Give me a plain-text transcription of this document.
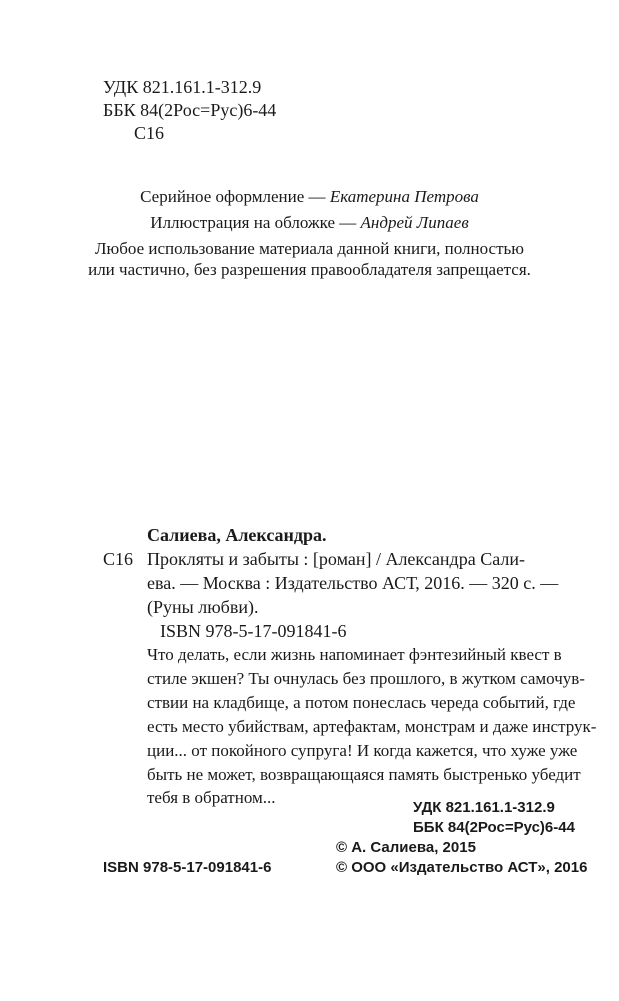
УДК 821.161.1-312.9
ББК 84(2Рос=Рус)6-44
С16
Серийное оформление — Екатерина Петрова
Иллюстрация на обложке — Андрей Липаев
Любое использование материала данной книги, полностью
или частично, без разрешения правообладателя запрещается.
Салиева, Александра.
С16 Прокляты и забыты : [роман] / Александра Сали-
ева. — Москва : Издательство АСТ, 2016. — 320 с. —
(Руны любви).
ISBN 978-5-17-091841-6
Что делать, если жизнь напоминает фэнтезийный квест в
стиле экшен? Ты очнулась без прошлого, в жутком самочув-
ствии на кладбище, а потом понеслась череда событий, где
есть место убийствам, артефактам, монстрам и даже инструк-
ции... от покойного супруга! И когда кажется, что хуже уже
быть не может, возвращающаяся память быстренько убедит
тебя в обратном...
УДК 821.161.1-312.9
ББК 84(2Рос=Рус)6-44
© А. Салиева, 2015
ISBN 978-5-17-091841-6	© ООО «Издательство АСТ», 2016
